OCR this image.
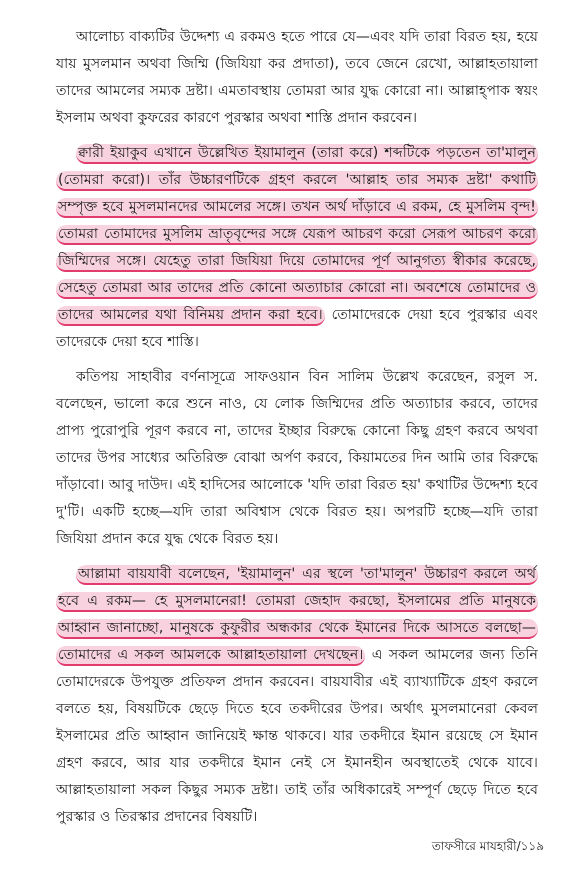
আলোচ্য বাক্যটির উদ্দেশ্য এ রকমও হতে পারে যে—এবং যদি তারা বিরত হয়, হয়ে যায় মুসলমান অথবা জিম্মি (জিযিয়া কর প্রদাতা), তবে জেনে রেখো, আল্লাহতায়ালা তাদের আমলের সম্যক দ্রষ্টা। এমতাবস্থায় তোমরা আর যুদ্ধ কোরো না। আল্লাহ্পাক স্বয়ং ইসলাম অথবা কুফরের কারণে পুরস্কার অথবা শাস্তি প্রদান করবেন।

ক্বারী ইয়াকুব এখানে উল্লেখিত ইয়ামালুন (তারা করে) শব্দটিকে পড়তেন তা'মালুন (তোমরা করো)। তাঁর উচ্চারণটিকে গ্রহণ করলে 'আল্লাহ তার সম্যক দ্রষ্টা' কথাটি সম্পৃক্ত হবে মুসলমানদের আমলের সঙ্গে। তখন অর্থ দাঁড়াবে এ রকম, হে মুসলিম বৃন্দ! তোমরা তোমাদের মুসলিম ভ্রাতৃবৃন্দের সঙ্গে যেরূপ আচরণ করো সেরূপ আচরণ করো জিম্মিদের সঙ্গে। যেহেতু তারা জিযিয়া দিয়ে তোমাদের পূর্ণ আনুগত্য স্বীকার করেছে, সেহেতু তোমরা আর তাদের প্রতি কোনো অত্যাচার কোরো না। অবশেষে তোমাদের ও তাদের আমলের যথা বিনিময় প্রদান করা হবে। তোমাদেরকে দেয়া হবে পুরস্কার এবং তাদেরকে দেয়া হবে শাস্তি।

কতিপয় সাহাবীর বর্ণনাসূত্রে সাফওয়ান বিন সালিম উল্লেখ করেছেন, রসুল স. বলেছেন, ভালো করে শুনে নাও, যে লোক জিম্মিদের প্রতি অত্যাচার করবে, তাদের প্রাপ্য পুরোপুরি পূরণ করবে না, তাদের ইচ্ছার বিরুদ্ধে কোনো কিছু গ্রহণ করবে অথবা তাদের উপর সাধ্যের অতিরিক্ত বোঝা অর্পণ করবে, কিয়ামতের দিন আমি তার বিরুদ্ধে দাঁড়াবো। আবু দাউদ। এই হাদিসের আলোকে 'যদি তারা বিরত হয়' কথাটির উদ্দেশ্য হবে দু'টি। একটি হচ্ছে—যদি তারা অবিশ্বাস থেকে বিরত হয়। অপরটি হচ্ছে—যদি তারা জিযিয়া প্রদান করে যুদ্ধ থেকে বিরত হয়।

আল্লামা বায়যাবী বলেছেন, 'ইয়ামালুন' এর স্থলে 'তা'মালুন' উচ্চারণ করলে অর্থ হবে এ রকম— হে মুসলমানেরা! তোমরা জেহাদ করছো, ইসলামের প্রতি মানুষকে আহ্বান জানাচ্ছো, মানুষকে কুফুরীর অন্ধকার থেকে ইমানের দিকে আসতে বলছো—তোমাদের এ সকল আমলকে আল্লাহতায়ালা দেখছেন। এ সকল আমলের জন্য তিনি তোমাদেরকে উপযুক্ত প্রতিফল প্রদান করবেন। বায়যাবীর এই ব্যাখ্যাটিকে গ্রহণ করলে বলতে হয়, বিষয়টিকে ছেড়ে দিতে হবে তকদীরের উপর। অর্থাৎ মুসলমানেরা কেবল ইসলামের প্রতি আহ্বান জানিয়েই ক্ষান্ত থাকবে। যার তকদীরে ইমান রয়েছে সে ইমান গ্রহণ করবে, আর যার তকদীরে ইমান নেই সে ইমানহীন অবস্থাতেই থেকে যাবে। আল্লাহতায়ালা সকল কিছুর সম্যক দ্রষ্টা। তাই তাঁর অধিকারেই সম্পূর্ণ ছেড়ে দিতে হবে পুরস্কার ও তিরস্কার প্রদানের বিষয়টি।

তাফসীরে মাযহারী/১১৯
